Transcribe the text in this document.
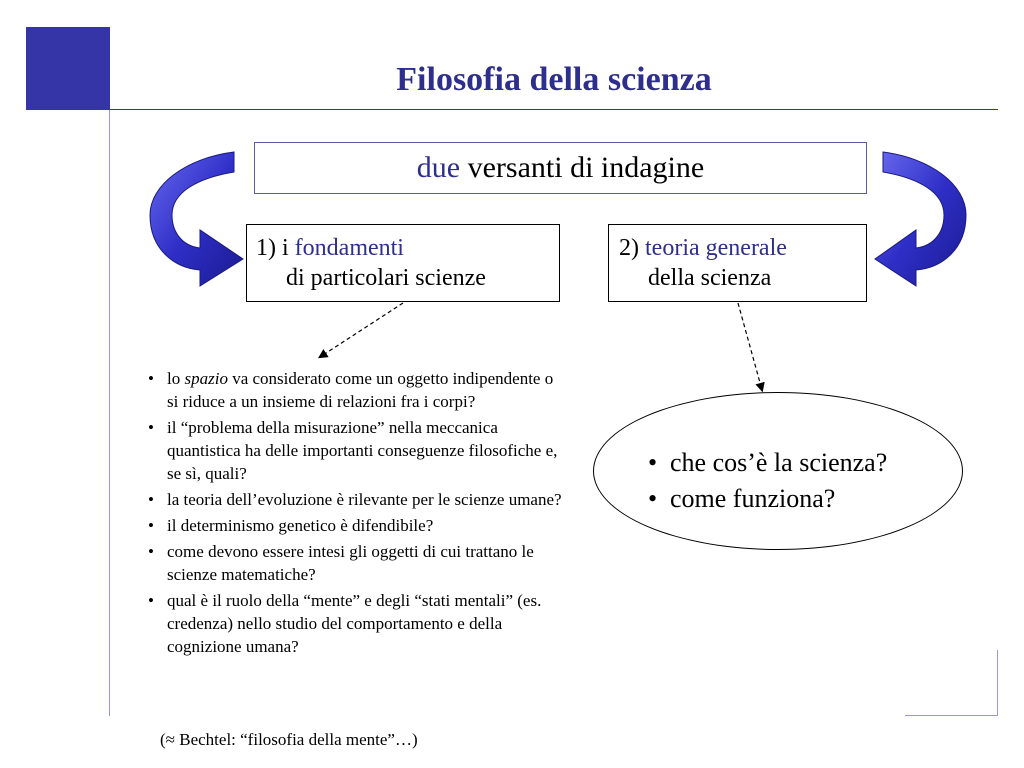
Filosofia della scienza
due versanti di indagine
1) i fondamenti
di particolari scienze
2) teoria generale
della scienza
• lo spazio va considerato come un oggetto indipendente o si riduce a un insieme di relazioni fra i corpi?
• il “problema della misurazione” nella meccanica quantistica ha delle importanti conseguenze filosofiche e, se sì, quali?
• la teoria dell’evoluzione è rilevante per le scienze umane?
• il determinismo genetico è difendibile?
• come devono essere intesi gli oggetti di cui trattano le scienze matematiche?
• qual è il ruolo della “mente” e degli “stati mentali” (es. credenza) nello studio del comportamento e della cognizione umana?
(≈ Bechtel: “filosofia della mente”…)
• che cos’è la scienza?
• come funziona?
